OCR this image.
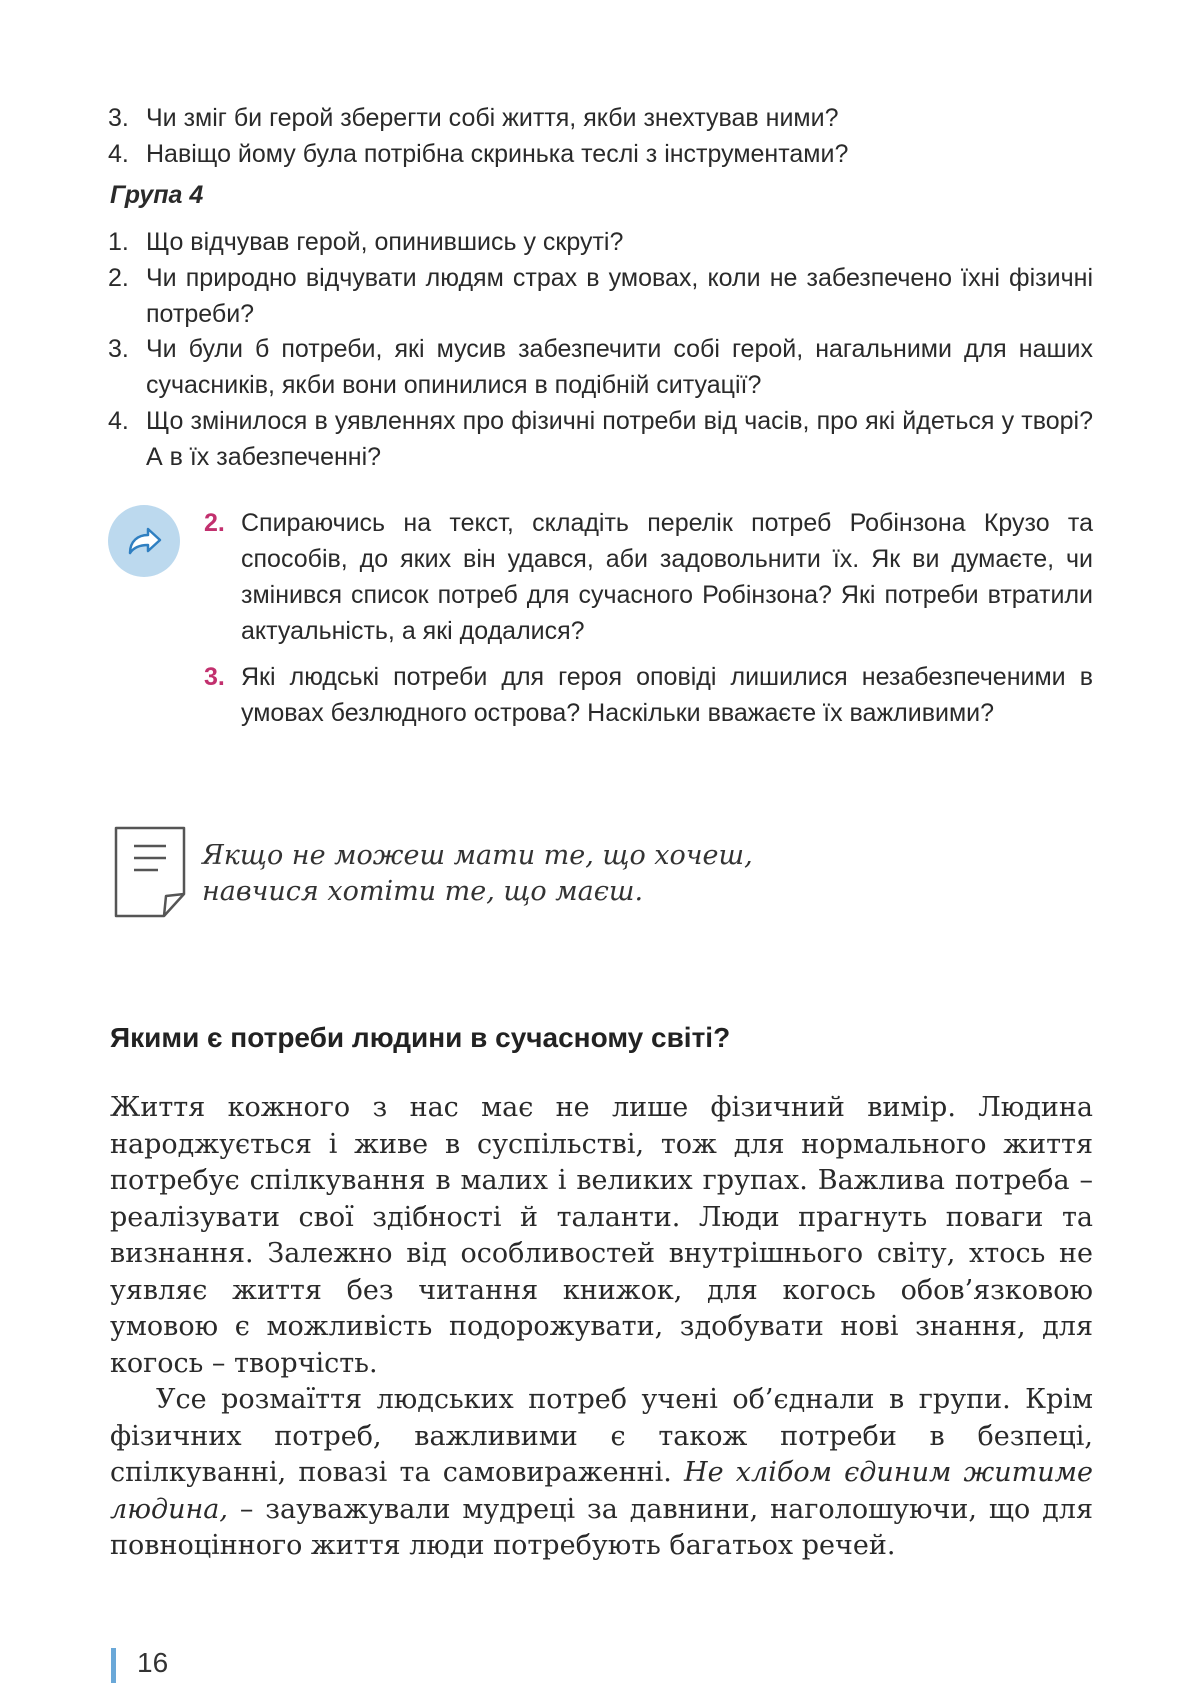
3. Чи зміг би герой зберегти собі життя, якби знехтував ними?
4. Навіщо йому була потрібна скринька теслі з інструментами?
Група 4
1. Що відчував герой, опинившись у скруті?
2. Чи природно відчувати людям страх в умовах, коли не забезпечено їхні фізичні потреби?
3. Чи були б потреби, які мусив забезпечити собі герой, нагальними для наших сучасників, якби вони опинилися в подібній ситуації?
4. Що змінилося в уявленнях про фізичні потреби від часів, про які йдеться у творі? А в їх забезпеченні?
2. Спираючись на текст, складіть перелік потреб Робінзона Крузо та способів, до яких він удався, аби задовольнити їх. Як ви думаєте, чи змінився список потреб для сучасного Робінзона? Які потреби втратили актуальність, а які додалися?
3. Які людські потреби для героя оповіді лишилися незабезпеченими в умовах безлюдного острова? Наскільки вважаєте їх важливими?
Якщо не можеш мати те, що хочеш,
навчися хотіти те, що маєш.
Якими є потреби людини в сучасному світі?

Життя кожного з нас має не лише фізичний вимір. Людина народжується і живе в суспільстві, тож для нормального життя потребує спілкування в малих і великих групах. Важлива потреба – реалізувати свої здібності й таланти. Люди прагнуть поваги та визнання. Залежно від особливостей внутрішнього світу, хтось не уявляє життя без читання книжок, для когось обов’язковою умовою є можливість подорожувати, здобувати нові знання, для когось – творчість.

Усе розмаїття людських потреб учені об’єднали в групи. Крім фізичних потреб, важливими є також потреби в безпеці, спілкуванні, повазі та самовираженні. Не хлібом єдиним житиме людина, – зауважували мудреці за давнини, наголошуючи, що для повноцінного життя люди потребують багатьох речей.

16
